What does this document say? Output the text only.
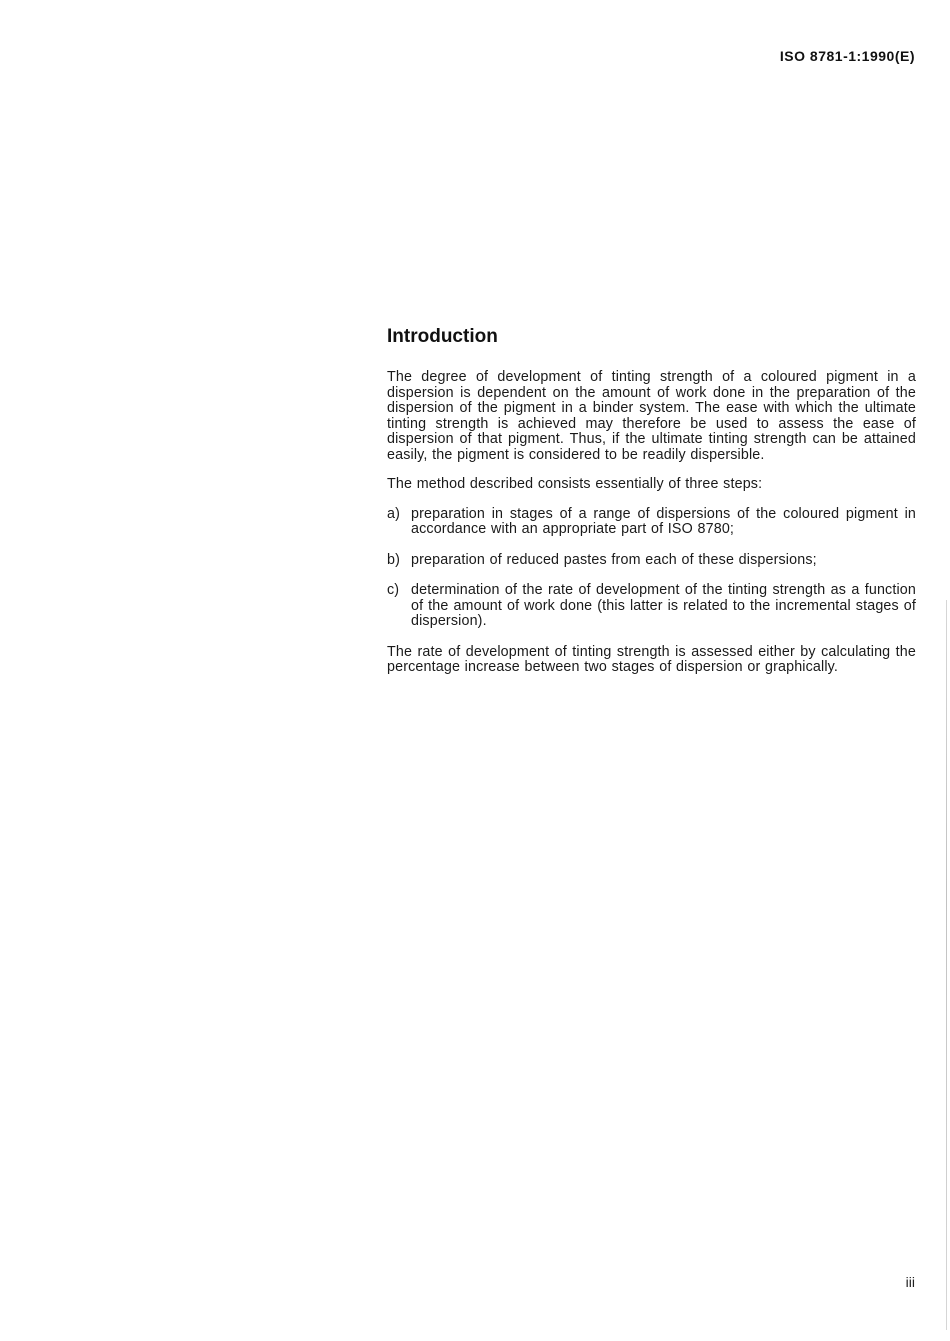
ISO 8781-1:1990(E)
Introduction

The degree of development of tinting strength of a coloured pigment in a dispersion is dependent on the amount of work done in the preparation of the dispersion of the pigment in a binder system. The ease with which the ultimate tinting strength is achieved may therefore be used to assess the ease of dispersion of that pigment. Thus, if the ultimate tinting strength can be attained easily, the pigment is considered to be readily dispersible.

The method described consists essentially of three steps:

a) preparation in stages of a range of dispersions of the coloured pigment in accordance with an appropriate part of ISO 8780;
b) preparation of reduced pastes from each of these dispersions;
c) determination of the rate of development of the tinting strength as a function of the amount of work done (this latter is related to the incremental stages of dispersion).

The rate of development of tinting strength is assessed either by calculating the percentage increase between two stages of dispersion or graphically.

iii
